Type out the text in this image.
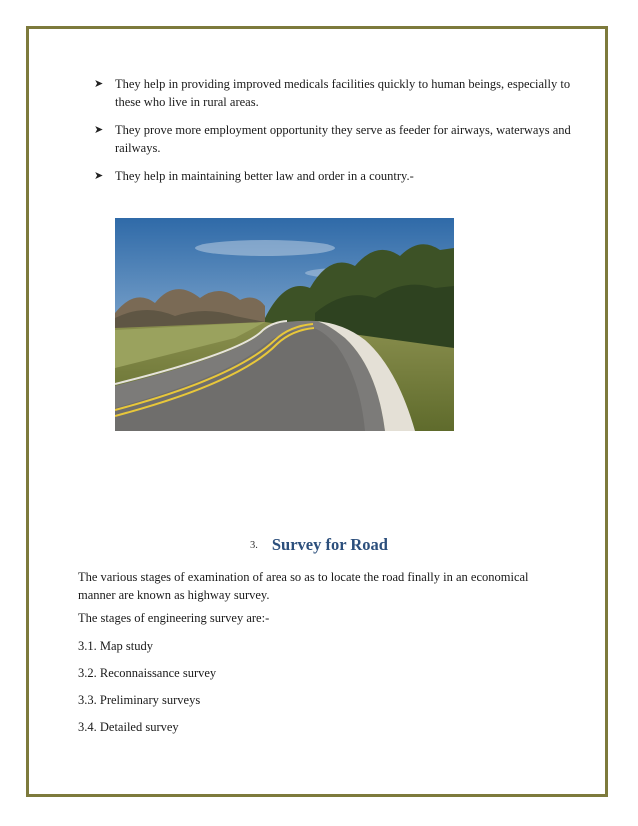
➤ They help in providing improved medicals facilities quickly to human beings, especially to these who live in rural areas.
➤ They prove more employment opportunity they serve as feeder for airways, waterways and railways.
➤ They help in maintaining better law and order in a country.-
3. Survey for Road

The various stages of examination of area so as to locate the road finally in an economical manner are known as highway survey.

The stages of engineering survey are:-

3.1. Map study

3.2. Reconnaissance survey

3.3. Preliminary surveys

3.4. Detailed survey
